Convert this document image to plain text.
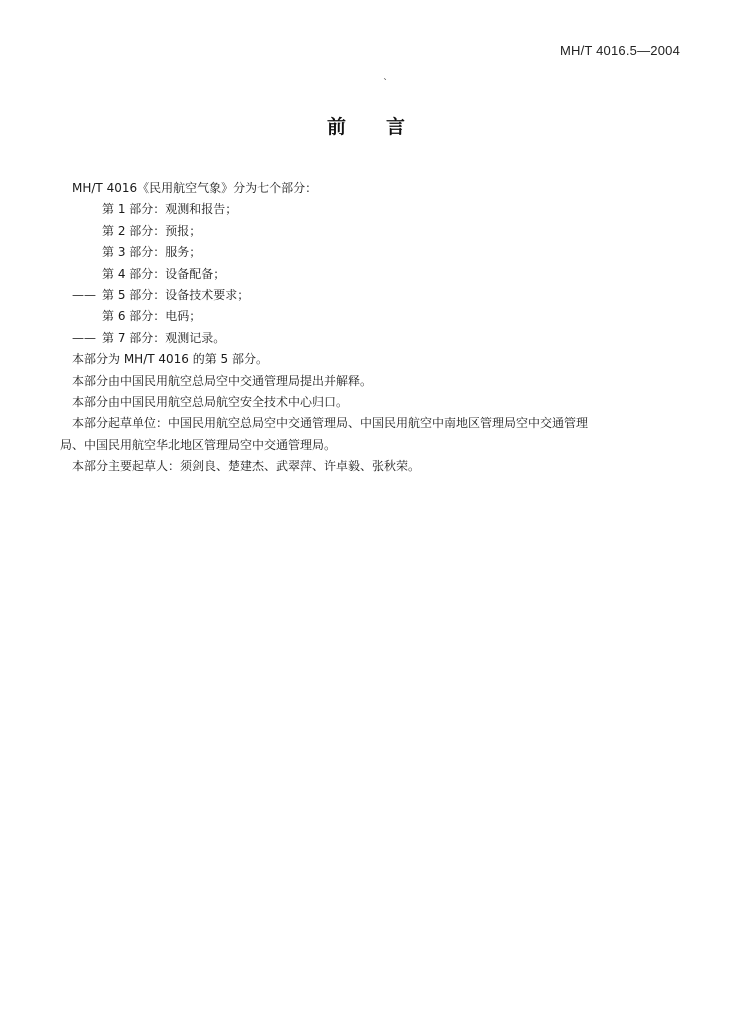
MH/T 4016.5—2004
`
前 言
MH/T 4016《民用航空气象》分为七个部分：
第 1 部分：观测和报告；
第 2 部分：预报；
第 3 部分：服务；
第 4 部分：设备配备；
—— 第 5 部分：设备技术要求；
第 6 部分：电码；
—— 第 7 部分：观测记录。
本部分为 MH/T 4016 的第 5 部分。
本部分由中国民用航空总局空中交通管理局提出并解释。
本部分由中国民用航空总局航空安全技术中心归口。
本部分起草单位：中国民用航空总局空中交通管理局、中国民用航空中南地区管理局空中交通管理
局、中国民用航空华北地区管理局空中交通管理局。
本部分主要起草人：须剑良、楚建杰、武翠萍、许卓毅、张秋荣。
